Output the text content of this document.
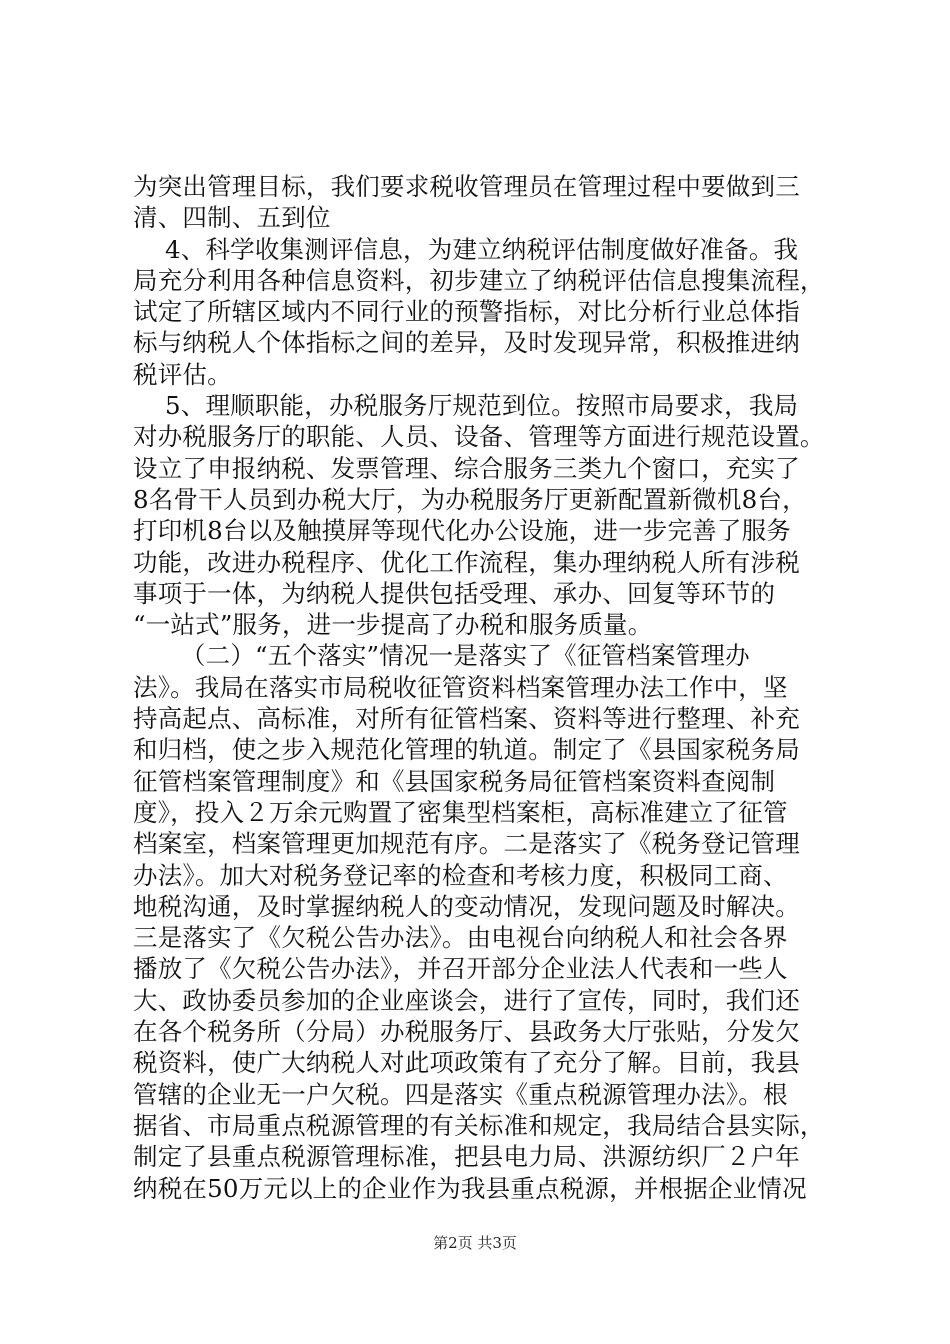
为突出管理目标，我们要求税收管理员在管理过程中要做到三
清、四制、五到位
4、科学收集测评信息，为建立纳税评估制度做好准备。我
局充分利用各种信息资料，初步建立了纳税评估信息搜集流程，
试定了所辖区域内不同行业的预警指标，对比分析行业总体指
标与纳税人个体指标之间的差异，及时发现异常，积极推进纳
税评估。
5、理顺职能，办税服务厅规范到位。按照市局要求，我局
对办税服务厅的职能、人员、设备、管理等方面进行规范设置。
设立了申报纳税、发票管理、综合服务三类九个窗口，充实了
8名骨干人员到办税大厅，为办税服务厅更新配置新微机8台，
打印机8台以及触摸屏等现代化办公设施，进一步完善了服务
功能，改进办税程序、优化工作流程，集办理纳税人所有涉税
事项于一体，为纳税人提供包括受理、承办、回复等环节的
“一站式”服务，进一步提高了办税和服务质量。
（二）“五个落实”情况一是落实了《征管档案管理办
法》。我局在落实市局税收征管资料档案管理办法工作中，坚
持高起点、高标准，对所有征管档案、资料等进行整理、补充
和归档，使之步入规范化管理的轨道。制定了《县国家税务局
征管档案管理制度》和《县国家税务局征管档案资料查阅制
度》，投入２万余元购置了密集型档案柜，高标准建立了征管
档案室，档案管理更加规范有序。二是落实了《税务登记管理
办法》。加大对税务登记率的检查和考核力度，积极同工商、
地税沟通，及时掌握纳税人的变动情况，发现问题及时解决。
三是落实了《欠税公告办法》。由电视台向纳税人和社会各界
播放了《欠税公告办法》，并召开部分企业法人代表和一些人
大、政协委员参加的企业座谈会，进行了宣传，同时，我们还
在各个税务所（分局）办税服务厅、县政务大厅张贴，分发欠
税资料，使广大纳税人对此项政策有了充分了解。目前，我县
管辖的企业无一户欠税。四是落实《重点税源管理办法》。根
据省、市局重点税源管理的有关标准和规定，我局结合县实际，
制定了县重点税源管理标准，把县电力局、洪源纺织厂２户年
纳税在50万元以上的企业作为我县重点税源，并根据企业情况
第2页 共3页
